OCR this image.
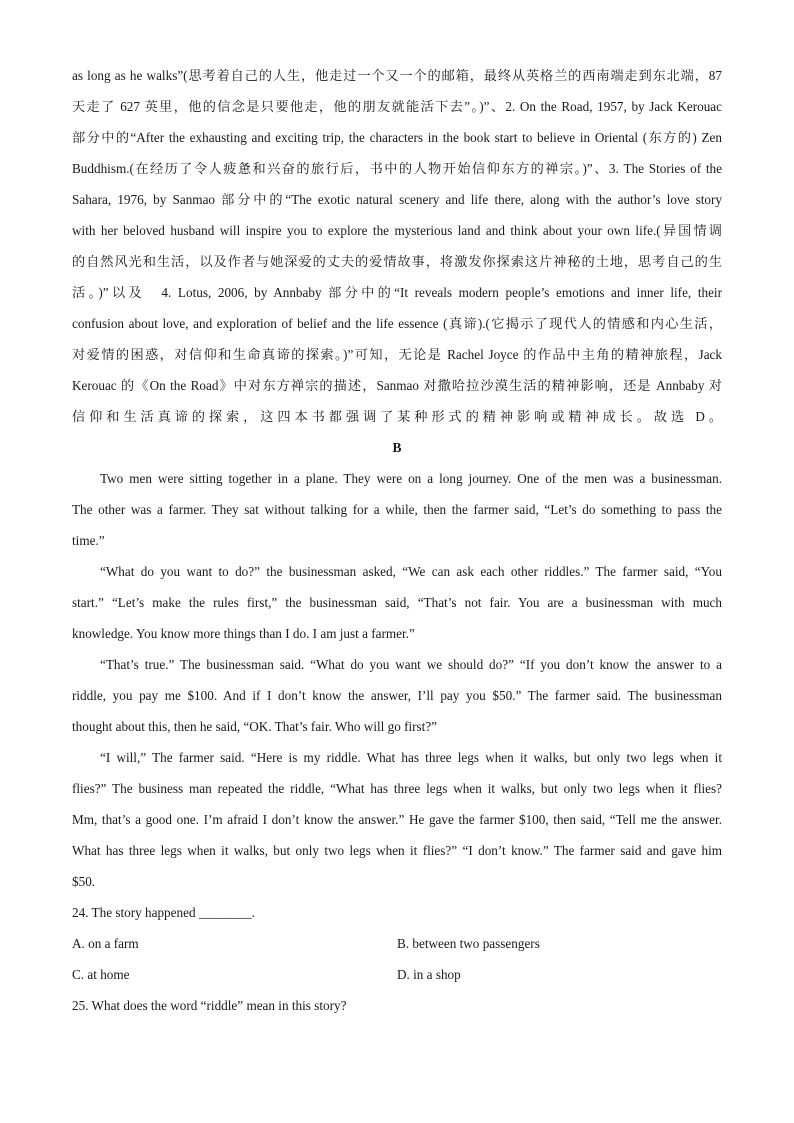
as long as he walks”(思考着自己的人生，他走过一个又一个的邮箱，最终从英格兰的西南端走到东北端，87
天走了 627 英里，他的信念是只要他走，他的朋友就能活下去”。)”、2. On the Road, 1957, by Jack Kerouac
部分中的“After the exhausting and exciting trip, the characters in the book start to believe in Oriental (东方的) Zen
Buddhism.(在经历了令人疲惫和兴奋的旅行后，书中的人物开始信仰东方的禅宗。)”、3. The Stories of the
Sahara, 1976, by Sanmao 部分中的“The exotic natural scenery and life there, along with the author’s love story
with her beloved husband will inspire you to explore the mysterious land and think about your own life.(异国情调
的自然风光和生活，以及作者与她深爱的丈夫的爱情故事，将激发你探索这片神秘的土地，思考自己的生
活。)”以及　4. Lotus, 2006, by Annbaby 部分中的“It reveals modern people’s emotions and inner life, their
confusion about love, and exploration of belief and the life essence (真谛).(它揭示了现代人的情感和内心生活，
对爱情的困惑，对信仰和生命真谛的探索。)”可知，无论是 Rachel Joyce 的作品中主角的精神旅程，Jack
Kerouac 的《On the Road》中对东方禅宗的描述，Sanmao 对撒哈拉沙漠生活的精神影响，还是 Annbaby 对
信仰和生活真谛的探索，这四本书都强调了某种形式的精神影响或精神成长。故选 D。
B
Two men were sitting together in a plane. They were on a long journey. One of the men was a businessman.
The other was a farmer. They sat without talking for a while, then the farmer said, “Let’s do something to pass the
time.”
“What do you want to do?” the businessman asked, “We can ask each other riddles.” The farmer said, “You
start.” “Let’s make the rules first,” the businessman said, “That’s not fair. You are a businessman with much
knowledge. You know more things than I do. I am just a farmer.”
“That’s true.” The businessman said. “What do you want we should do?” “If you don’t know the answer to a
riddle, you pay me $100. And if I don’t know the answer, I’ll pay you $50.” The farmer said. The businessman
thought about this, then he said, “OK. That’s fair. Who will go first?”
“I will,” The farmer said. “Here is my riddle. What has three legs when it walks, but only two legs when it
flies?” The business man repeated the riddle, “What has three legs when it walks, but only two legs when it flies?
Mm, that’s a good one. I’m afraid I don’t know the answer.” He gave the farmer $100, then said, “Tell me the answer.
What has three legs when it walks, but only two legs when it flies?” “I don’t know.” The farmer said and gave him
$50.
24. The story happened ________.
A. on a farm	B. between two passengers
C. at home	D. in a shop
25. What does the word “riddle” mean in this story?
